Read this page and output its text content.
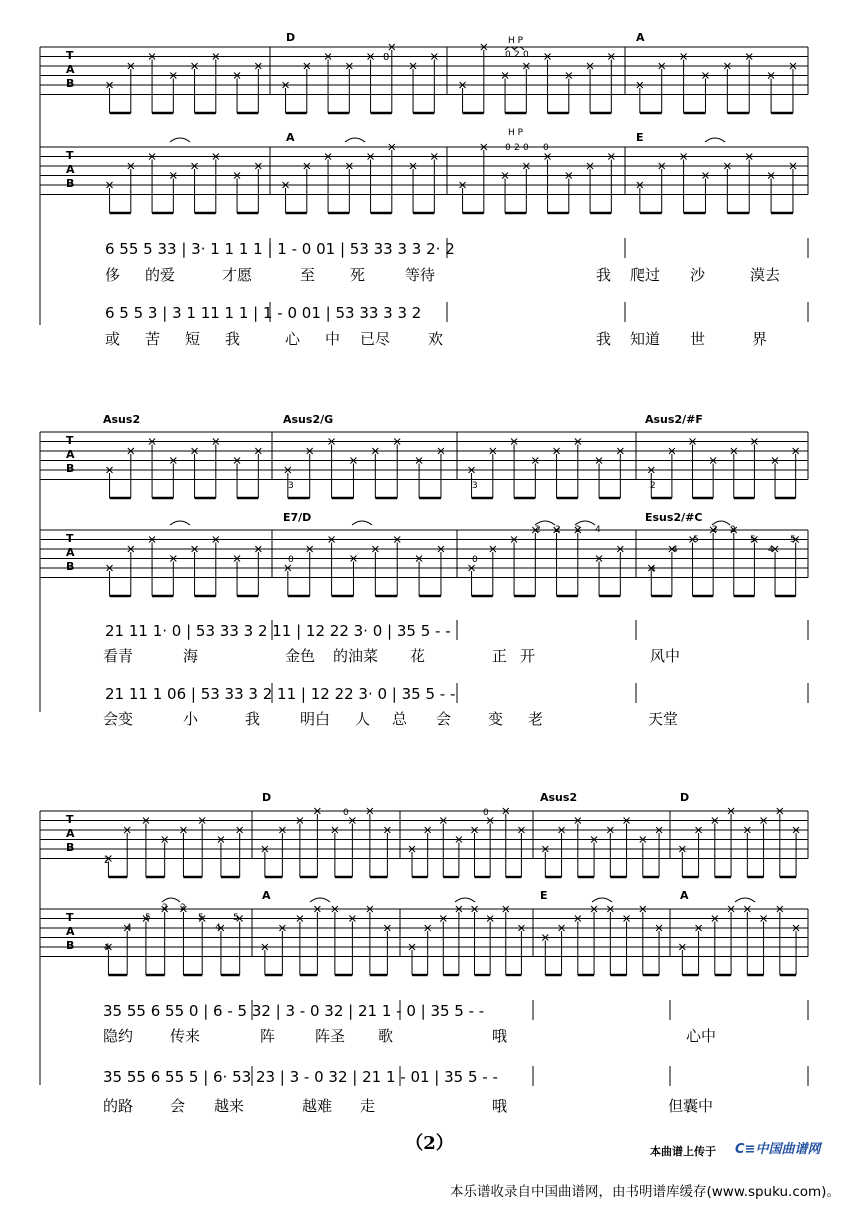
T
A
B
0
D	A
H P
0 2 0
T
A
B
A	E
H P
0 2 0 0
6 55 5 33 | 3· 1 1 1 1 | 1 - 0 01 | 53 33 3 3 2· 2
6 5 5 3 | 3 1 11 1 1 | 1 - 0 01 | 53 33 3 3 2
侈 的爱	才愿	至 死	等待	我 爬过 沙	漠去
或 苦 短 我	心 中 已尽	欢	我 知道 世	界
T
A
B
Asus2	Asus2/G	Asus2/#F
3	3	2
T
A
B
E7/D	Esus2/#C
0	0
2 2 2 4
4
4
5
2 2
5
4
5
21 11 1· 0 | 53 33 3 2 11 | 12 22 3· 0 | 35 5 - -
21 11 1 06 | 53 33 3 2 11 | 12 22 3· 0 | 35 5 - -
看青	海	金色 的油菜 花	正 开	风中
会变	小	我	明白 人 总 会 变 老	天堂
T
A
B
D	Asus2	D
2
0	0
T
A
B
A	E	A
4
4
5
2 2
5
4
5
35 55 6 55 0 | 6 - 5 32 | 3 - 0 32 | 21 1 - 0 | 35 5 - -
35 55 6 55 5 | 6· 53 23 | 3 - 0 32 | 21 1 - 01 | 35 5 - -
隐约 传来	阵	阵圣 歌	哦	心中
的路 会 越来	越难 走	哦	但囊中
（2）	本曲谱上传于 C≡中国曲谱网
本乐谱收录自中国曲谱网，由书明谱库缓存(www.spuku.com)。
